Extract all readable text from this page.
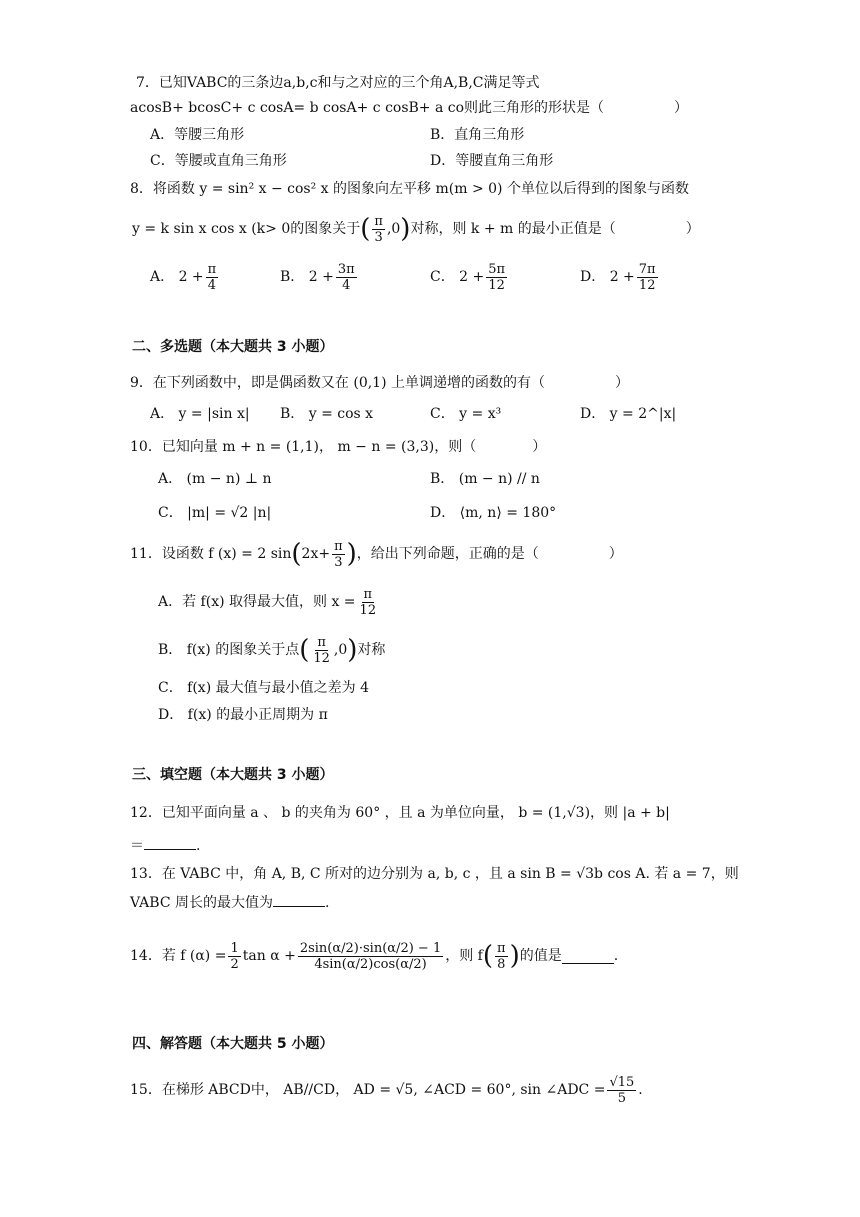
7．已知VABC的三条边a,b,c和与之对应的三个角A,B,C满足等式
acosB+ bcosC+ c cosA= b cosA+ c cosB+ a co则此三角形的形状是（　　　　　）
A．等腰三角形	B．直角三角形
C．等腰或直角三角形	D．等腰直角三角形
8．将函数 y = sin² x − cos² x 的图象向左平移 m(m > 0) 个单位以后得到的图象与函数
y = k sin x cos x (k> 0的图象关于 ( $\frac{\pi}{3} ,0$ ) 对称，则 k + m 的最小正值是（　　　　　）
A．
$2 + \frac{\pi}{4}$	B．
$2 + \frac{3\pi}{4}$	C．
$2 + \frac{5\pi}{12}$	D．
$2 + \frac{7\pi}{12}$
二、多选题（本大题共 3 小题）
9．在下列函数中，即是偶函数又在 (0,1) 上单调递增的函数的有（　　　　　）
A． y = |sin x| B． y = cos x	C． y = x³	D． y = 2^|x|
10．已知向量 m + n = (1,1)， m − n = (3,3)，则（　　　　）
A． (m − n) ⊥ n	B． (m − n) // n
C． |m| = √2 |n|	D． ⟨m, n⟩ = 180°
11．设函数 f (x) = 2 sin ( $2x+ \frac{\pi}{3}$ ) ，给出下列命题，正确的是（　　　　　）
A．若 f(x) 取得最大值，则 $x = \frac{\pi}{12}$
B． f(x) 的图象关于点 ( $\frac{\pi}{12} ,0$ ) 对称
C． f(x) 最大值与最小值之差为 4
D． f(x) 的最小正周期为 π
三、填空题（本大题共 3 小题）
12．已知平面向量 a 、 b 的夹角为 60° ，且 a 为单位向量， b = (1,√3)，则 |a + b|
＝	.
13．在 VABC 中，角 A, B, C 所对的边分别为 a, b, c ，且 a sin B = √3b cos A. 若 a = 7，则
VABC 周长的最大值为	.
14．若 f $(\alpha) = \frac{1}{2}$ $\tan \alpha + \frac{2\sin(\alpha/2)\cdot\sin(\alpha/2) - 1}{4\sin(\alpha/2)\cos(\alpha/2)}$ ，则 f ( $\frac{\pi}{8}$ ) 的值是	.
四、解答题（本大题共 5 小题）
15．在梯形 ABCD中， AB//CD， AD = √5, ∠ACD = 60°, sin ∠ADC = $\frac{√15}{5}$ .
